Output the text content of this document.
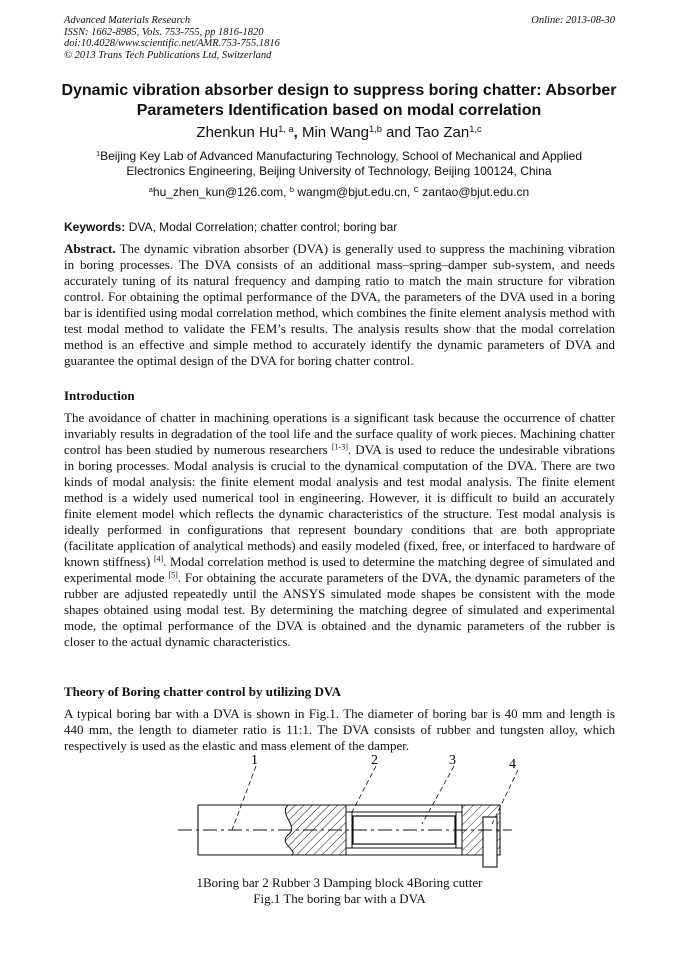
Advanced Materials Research
ISSN: 1662-8985, Vols. 753-755, pp 1816-1820
doi:10.4028/www.scientific.net/AMR.753-755.1816
© 2013 Trans Tech Publications Ltd, Switzerland
Online: 2013-08-30
Dynamic vibration absorber design to suppress boring chatter: Absorber
Parameters Identification based on modal correlation
Zhenkun Hu$^{1, a}$, Min Wang$^{1,b}$ and Tao Zan$^{1,c}$
$^1$Beijing Key Lab of Advanced Manufacturing Technology, School of Mechanical and Applied
Electronics Engineering, Beijing University of Technology, Beijing 100124, China
$^a$hu_zhen_kun@126.com, $^b$ wangm@bjut.edu.cn, $^C$ zantao@bjut.edu.cn
Keywords: DVA, Modal Correlation; chatter control; boring bar

Abstract. The dynamic vibration absorber (DVA) is generally used to suppress the machining vibration in boring processes. The DVA consists of an additional mass–spring–damper sub-system, and needs accurately tuning of its natural frequency and damping ratio to match the main structure for vibration control. For obtaining the optimal performance of the DVA, the parameters of the DVA used in a boring bar is identified using modal correlation method, which combines the finite element analysis method with test modal method to validate the FEM’s results. The analysis results show that the modal correlation method is an effective and simple method to accurately identify the dynamic parameters of DVA and guarantee the optimal design of the DVA for boring chatter control.

Introduction

The avoidance of chatter in machining operations is a significant task because the occurrence of chatter invariably results in degradation of the tool life and the surface quality of work pieces. Machining chatter control has been studied by numerous researchers [1-3]. DVA is used to reduce the undesirable vibrations in boring processes. Modal analysis is crucial to the dynamical computation of the DVA. There are two kinds of modal analysis: the finite element modal analysis and test modal analysis. The finite element method is a widely used numerical tool in engineering. However, it is difficult to build an accurately finite element model which reflects the dynamic characteristics of the structure. Test modal analysis is ideally performed in configurations that represent boundary conditions that are both appropriate (facilitate application of analytical methods) and easily modeled (fixed, free, or interfaced to hardware of known stiffness) [4]. Modal correlation method is used to determine the matching degree of simulated and experimental mode [5]. For obtaining the accurate parameters of the DVA, the dynamic parameters of the rubber are adjusted repeatedly until the ANSYS simulated mode shapes be consistent with the mode shapes obtained using modal test. By determining the matching degree of simulated and experimental mode, the optimal performance of the DVA is obtained and the dynamic parameters of the rubber is closer to the actual dynamic characteristics.

Theory of Boring chatter control by utilizing DVA

A typical boring bar with a DVA is shown in Fig.1. The diameter of boring bar is 40 mm and length is 440 mm, the length to diameter ratio is 11:1. The DVA consists of rubber and tungsten alloy, which respectively is used as the elastic and mass element of the damper.

1	2	3	4
1Boring bar 2 Rubber 3 Damping block 4Boring cutter
Fig.1 The boring bar with a DVA
